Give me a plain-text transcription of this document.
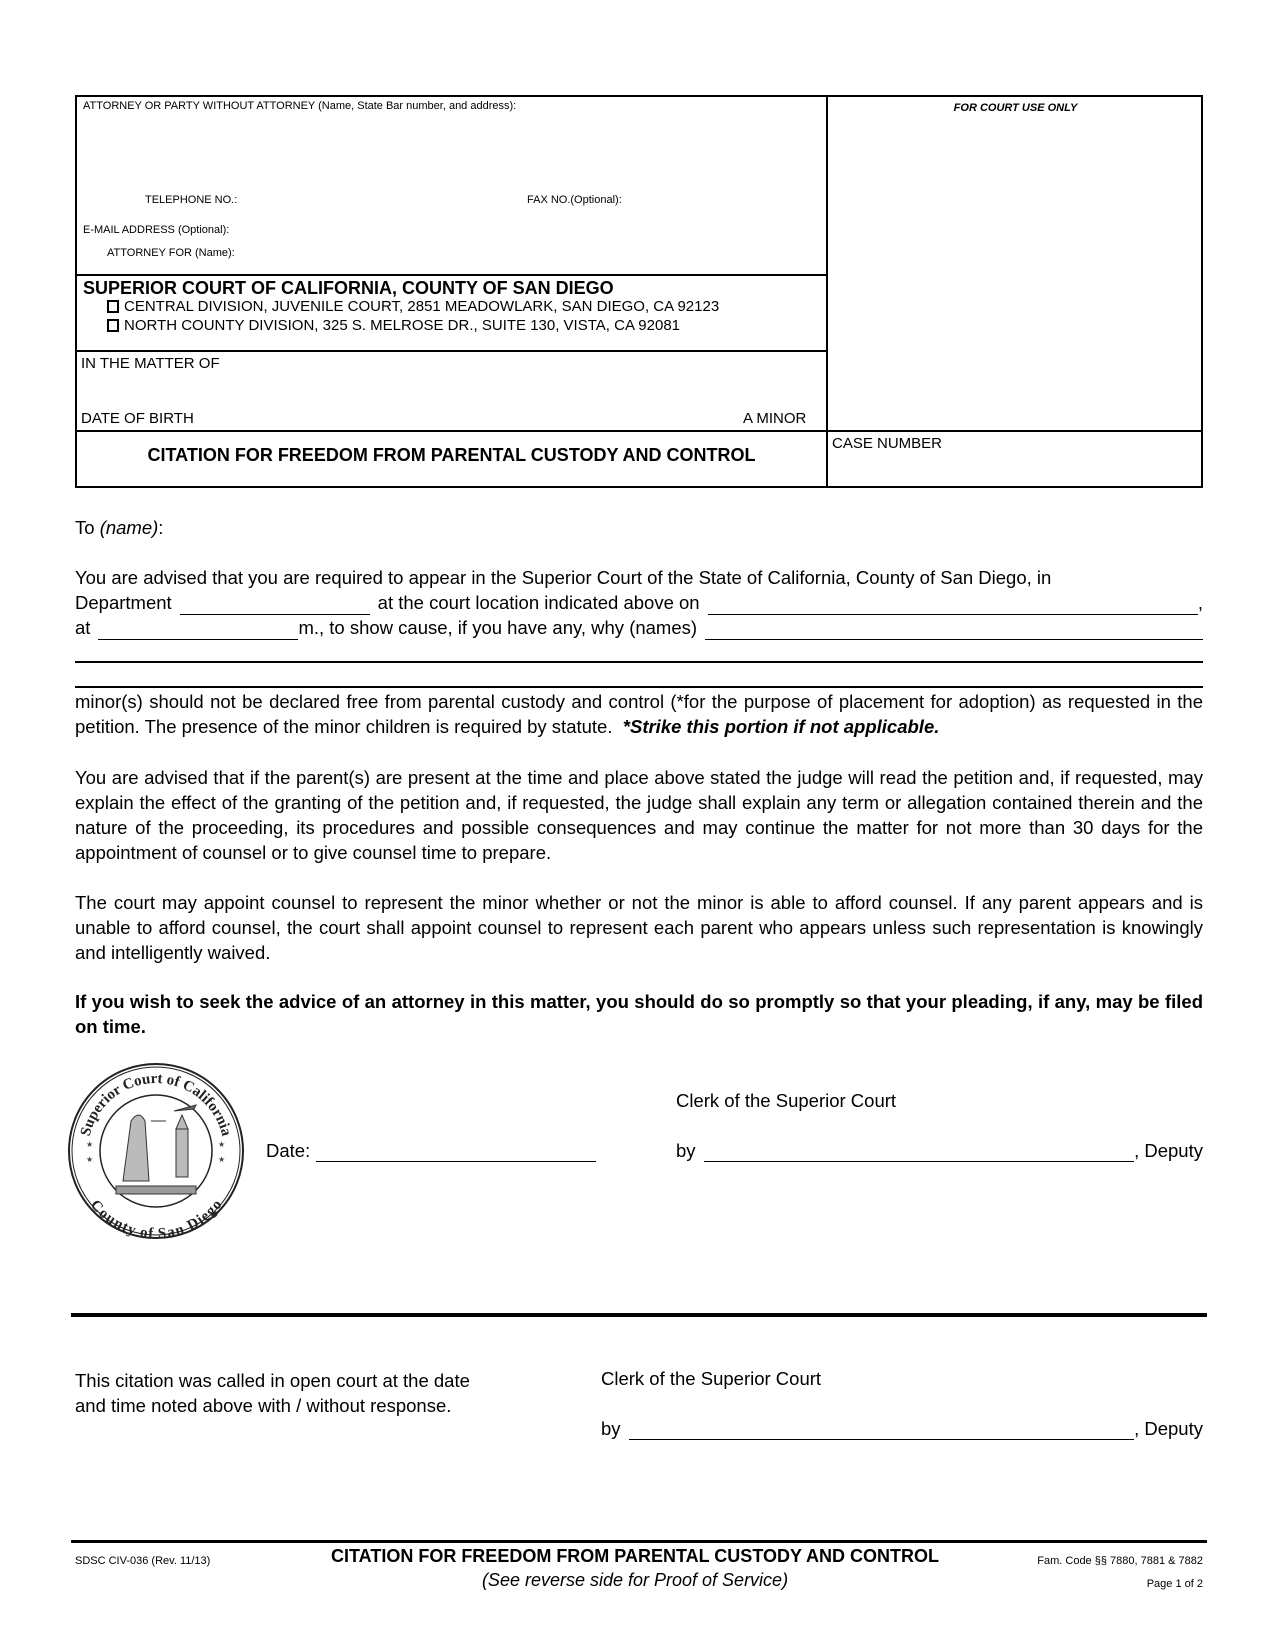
ATTORNEY OR PARTY WITHOUT ATTORNEY (Name, State Bar number, and address):
TELEPHONE NO.:	FAX NO.(Optional):
E-MAIL ADDRESS (Optional):
ATTORNEY FOR (Name):
SUPERIOR COURT OF CALIFORNIA, COUNTY OF SAN DIEGO
CENTRAL DIVISION, JUVENILE COURT, 2851 MEADOWLARK, SAN DIEGO, CA 92123
NORTH COUNTY DIVISION, 325 S. MELROSE DR., SUITE 130, VISTA, CA 92081
IN THE MATTER OF
DATE OF BIRTH	A MINOR
CITATION FOR FREEDOM FROM PARENTAL CUSTODY AND CONTROL
FOR COURT USE ONLY
CASE NUMBER
To (name):
You are advised that you are required to appear in the Superior Court of the State of California, County of San Diego, in
Department	at the court location indicated above on	,
at	m., to show cause, if you have any, why (names)
minor(s) should not be declared free from parental custody and control (*for the purpose of placement for adoption) as requested in the petition. The presence of the minor children is required by statute. *Strike this portion if not applicable.
You are advised that if the parent(s) are present at the time and place above stated the judge will read the petition and, if requested, may explain the effect of the granting of the petition and, if requested, the judge shall explain any term or allegation contained therein and the nature of the proceeding, its procedures and possible consequences and may continue the matter for not more than 30 days for the appointment of counsel or to give counsel time to prepare.
The court may appoint counsel to represent the minor whether or not the minor is able to afford counsel. If any parent appears and is unable to afford counsel, the court shall appoint counsel to represent each parent who appears unless such representation is knowingly and intelligently waived.
If you wish to seek the advice of an attorney in this matter, you should do so promptly so that your pleading, if any, may be filed on time.
Superior Court of California
County of San Diego
★
★
★
★
Clerk of the Superior Court
Date:	by	, Deputy
This citation was called in open court at the date
and time noted above with / without response.
Clerk of the Superior Court
by	, Deputy
SDSC CIV-036 (Rev. 11/13)	CITATION FOR FREEDOM FROM PARENTAL CUSTODY AND CONTROL
(See reverse side for Proof of Service)
Fam. Code §§ 7880, 7881 & 7882
Page 1 of 2
